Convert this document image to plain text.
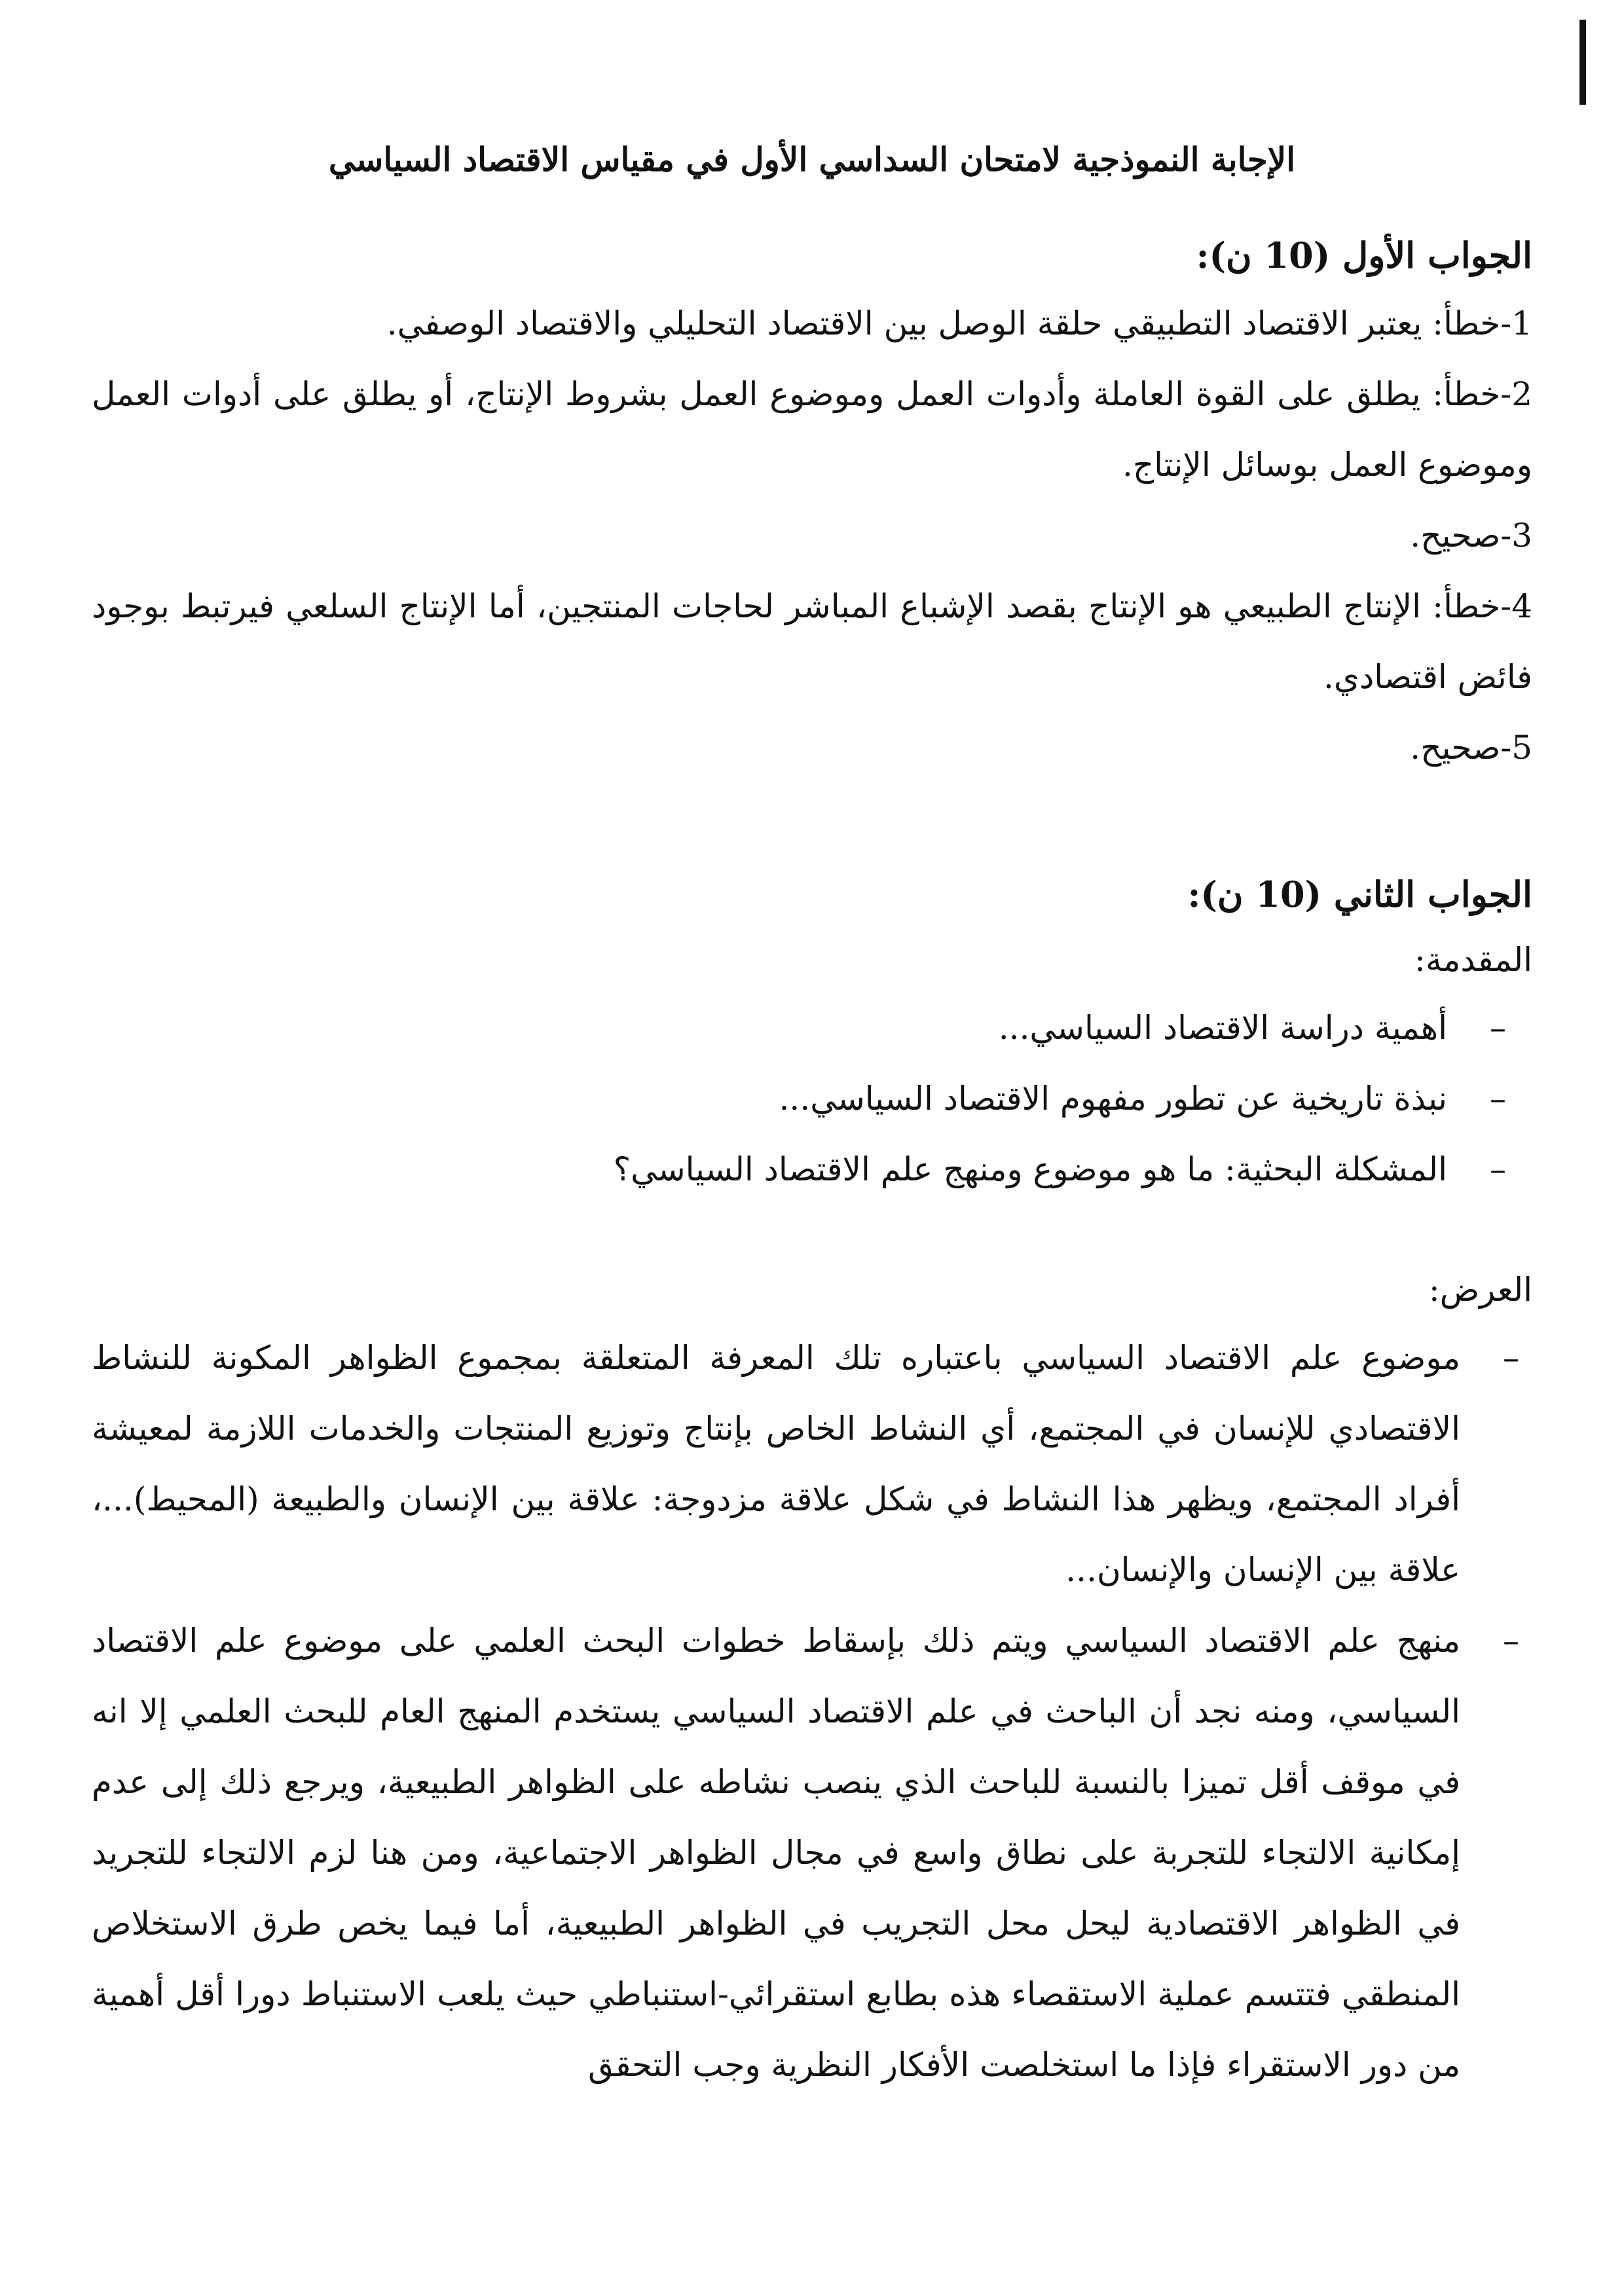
الإجابة النموذجية لامتحان السداسي الأول في مقياس الاقتصاد السياسي
الجواب الأول (10 ن):

1-خطأ: يعتبر الاقتصاد التطبيقي حلقة الوصل بين الاقتصاد التحليلي والاقتصاد الوصفي.

2-خطأ: يطلق على القوة العاملة وأدوات العمل وموضوع العمل بشروط الإنتاج، أو يطلق على أدوات العمل وموضوع العمل بوسائل الإنتاج.

3-صحيح.

4-خطأ: الإنتاج الطبيعي هو الإنتاج بقصد الإشباع المباشر لحاجات المنتجين، أما الإنتاج السلعي فيرتبط بوجود فائض اقتصادي.

5-صحيح.

الجواب الثاني (10 ن):

المقدمة:

–
أهمية دراسة الاقتصاد السياسي...
–
نبذة تاريخية عن تطور مفهوم الاقتصاد السياسي...
–
المشكلة البحثية: ما هو موضوع ومنهج علم الاقتصاد السياسي؟

العرض:

–
موضوع علم الاقتصاد السياسي باعتباره تلك المعرفة المتعلقة بمجموع الظواهر المكونة للنشاط الاقتصادي للإنسان في المجتمع، أي النشاط الخاص بإنتاج وتوزيع المنتجات والخدمات اللازمة لمعيشة أفراد المجتمع، ويظهر هذا النشاط في شكل علاقة مزدوجة: علاقة بين الإنسان والطبيعة (المحيط)...، علاقة بين الإنسان والإنسان...
–
منهج علم الاقتصاد السياسي ويتم ذلك بإسقاط خطوات البحث العلمي على موضوع علم الاقتصاد السياسي، ومنه نجد أن الباحث في علم الاقتصاد السياسي يستخدم المنهج العام للبحث العلمي إلا انه في موقف أقل تميزا بالنسبة للباحث الذي ينصب نشاطه على الظواهر الطبيعية، ويرجع ذلك إلى عدم إمكانية الالتجاء للتجربة على نطاق واسع في مجال الظواهر الاجتماعية، ومن هنا لزم الالتجاء للتجريد في الظواهر الاقتصادية ليحل محل التجريب في الظواهر الطبيعية، أما فيما يخص طرق الاستخلاص المنطقي فتتسم عملية الاستقصاء هذه بطابع استقرائي-استنباطي حيث يلعب الاستنباط دورا أقل أهمية من دور الاستقراء فإذا ما استخلصت الأفكار النظرية وجب التحقق
